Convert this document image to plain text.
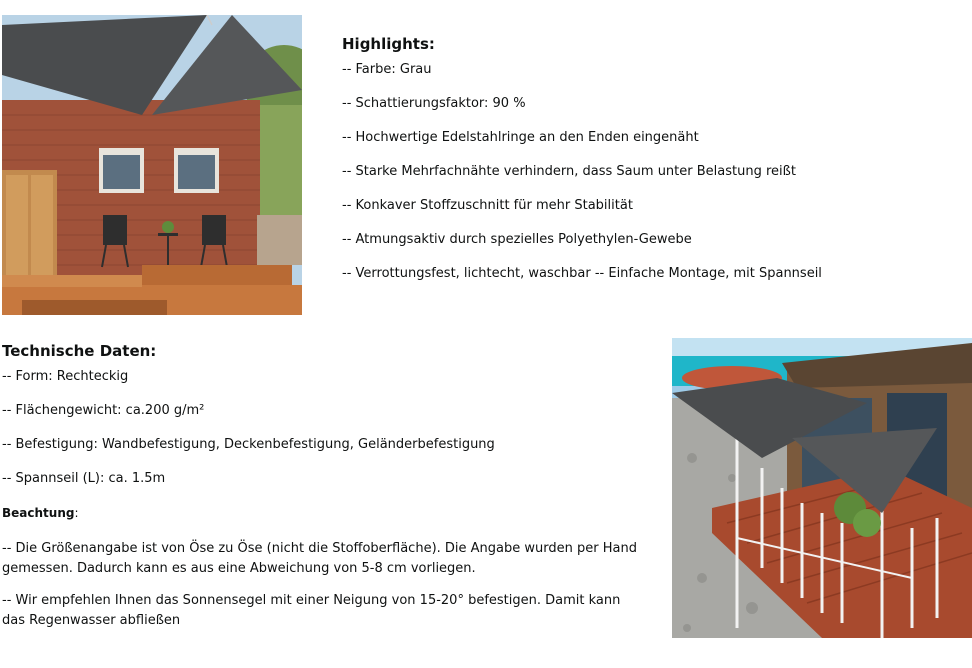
Highlights:
-- Farbe: Grau
-- Schattierungsfaktor: 90 %
-- Hochwertige Edelstahlringe an den Enden eingenäht
-- Starke Mehrfachnähte verhindern, dass Saum unter Belastung reißt
-- Konkaver Stoffzuschnitt für mehr Stabilität
-- Atmungsaktiv durch spezielles Polyethylen-Gewebe
-- Verrottungsfest, lichtecht, waschbar -- Einfache Montage, mit Spannseil
Technische Daten:
-- Form: Rechteckig
-- Flächengewicht: ca.200 g/m²
-- Befestigung: Wandbefestigung, Deckenbefestigung, Geländerbefestigung
-- Spannseil (L): ca. 1.5m

Beachtung:

-- Die Größenangabe ist von Öse zu Öse (nicht die Stoffoberfläche). Die Angabe wurden per Hand gemessen. Dadurch kann es aus eine Abweichung von 5-8 cm vorliegen.

-- Wir empfehlen Ihnen das Sonnensegel mit einer Neigung von 15-20° befestigen. Damit kann das Regenwasser abfließen
